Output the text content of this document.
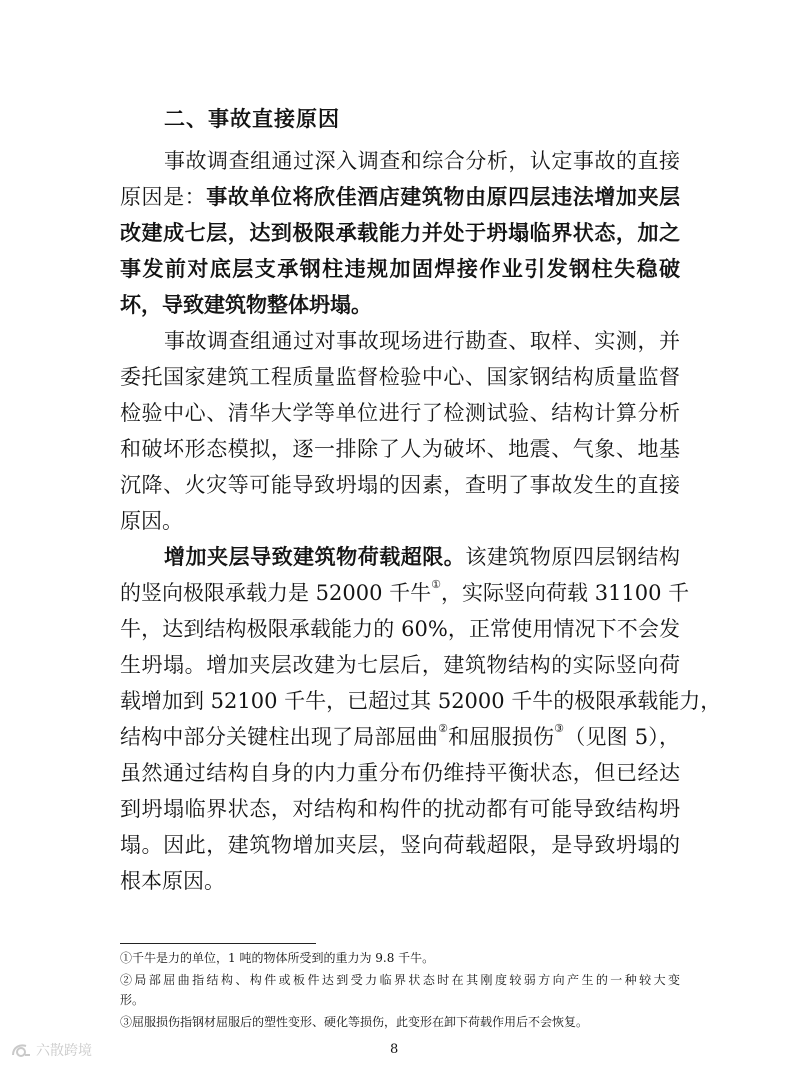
二、事故直接原因
事故调查组通过深入调查和综合分析，认定事故的直接
原因是：事故单位将欣佳酒店建筑物由原四层违法增加夹层
改建成七层，达到极限承载能力并处于坍塌临界状态，加之
事发前对底层支承钢柱违规加固焊接作业引发钢柱失稳破
坏，导致建筑物整体坍塌。
事故调查组通过对事故现场进行勘查、取样、实测，并
委托国家建筑工程质量监督检验中心、国家钢结构质量监督
检验中心、清华大学等单位进行了检测试验、结构计算分析
和破坏形态模拟，逐一排除了人为破坏、地震、气象、地基
沉降、火灾等可能导致坍塌的因素，查明了事故发生的直接
原因。
增加夹层导致建筑物荷载超限。该建筑物原四层钢结构
的竖向极限承载力是 52000 千牛①，实际竖向荷载 31100 千
牛，达到结构极限承载能力的 60%，正常使用情况下不会发
生坍塌。增加夹层改建为七层后，建筑物结构的实际竖向荷
载增加到 52100 千牛，已超过其 52000 千牛的极限承载能力，
结构中部分关键柱出现了局部屈曲②和屈服损伤③（见图 5），
虽然通过结构自身的内力重分布仍维持平衡状态，但已经达
到坍塌临界状态，对结构和构件的扰动都有可能导致结构坍
塌。因此，建筑物增加夹层，竖向荷载超限，是导致坍塌的
根本原因。
①千牛是力的单位，1 吨的物体所受到的重力为 9.8 千牛。
②局部屈曲指结构、构件或板件达到受力临界状态时在其刚度较弱方向产生的一种较大变
形。
③屈服损伤指钢材屈服后的塑性变形、硬化等损伤，此变形在卸下荷载作用后不会恢复。
8
六散跨境
